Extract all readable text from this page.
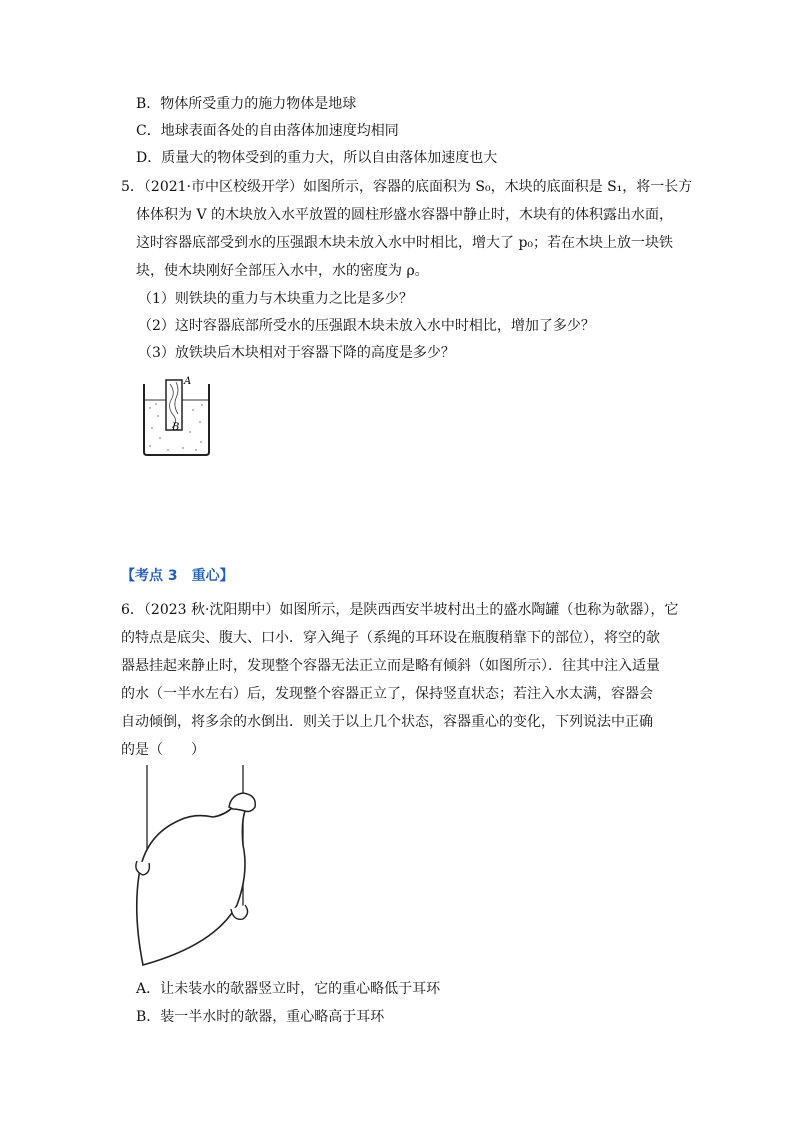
B．物体所受重力的施力物体是地球
C．地球表面各处的自由落体加速度均相同
D．质量大的物体受到的重力大，所以自由落体加速度也大
5．（2021·市中区校级开学）如图所示，容器的底面积为 S₀，木块的底面积是 S₁，将一长方
体体积为 V 的木块放入水平放置的圆柱形盛水容器中静止时，木块有的体积露出水面，
这时容器底部受到水的压强跟木块未放入水中时相比，增大了 p₀；若在木块上放一块铁
块，使木块刚好全部压入水中，水的密度为 ρ。
（1）则铁块的重力与木块重力之比是多少？
（2）这时容器底部所受水的压强跟木块未放入水中时相比，增加了多少？
（3）放铁块后木块相对于容器下降的高度是多少？
A
B
【考点 3　重心】
6．（2023 秋·沈阳期中）如图所示，是陕西西安半坡村出土的盛水陶罐（也称为欹器），它
的特点是底尖、腹大、口小．穿入绳子（系绳的耳环设在瓶腹稍靠下的部位），将空的欹
器悬挂起来静止时，发现整个容器无法正立而是略有倾斜（如图所示）．往其中注入适量
的水（一半水左右）后，发现整个容器正立了，保持竖直状态；若注入水太满，容器会
自动倾倒，将多余的水倒出．则关于以上几个状态，容器重心的变化，下列说法中正确
的是（　　）
A．让未装水的欹器竖立时，它的重心略低于耳环
B．装一半水时的欹器，重心略高于耳环
